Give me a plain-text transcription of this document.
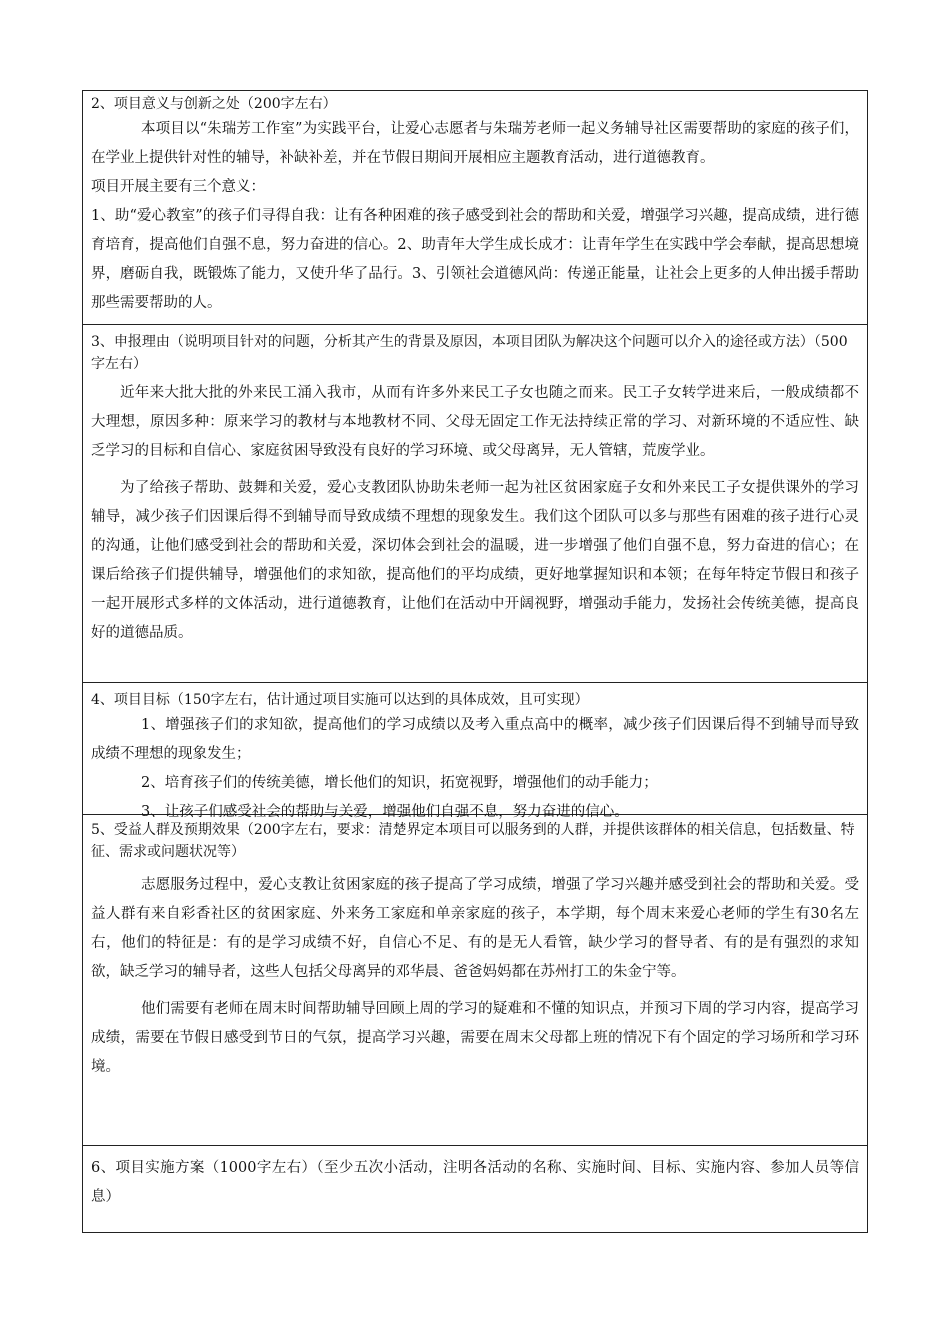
2、项目意义与创新之处（200字左右）

本项目以“朱瑞芳工作室”为实践平台，让爱心志愿者与朱瑞芳老师一起义务辅导社区需要帮助的家庭的孩子们，在学业上提供针对性的辅导，补缺补差，并在节假日期间开展相应主题教育活动，进行道德教育。

项目开展主要有三个意义：

1、助“爱心教室”的孩子们寻得自我：让有各种困难的孩子感受到社会的帮助和关爱，增强学习兴趣，提高成绩，进行德育培育，提高他们自强不息，努力奋进的信心。2、助青年大学生成长成才：让青年学生在实践中学会奉献，提高思想境界，磨砺自我，既锻炼了能力，又使升华了品行。3、引领社会道德风尚：传递正能量，让社会上更多的人伸出援手帮助那些需要帮助的人。

3、申报理由（说明项目针对的问题，分析其产生的背景及原因，本项目团队为解决这个问题可以介入的途径或方法）（500字左右）

近年来大批大批的外来民工涌入我市，从而有许多外来民工子女也随之而来。民工子女转学进来后，一般成绩都不大理想，原因多种：原来学习的教材与本地教材不同、父母无固定工作无法持续正常的学习、对新环境的不适应性、缺乏学习的目标和自信心、家庭贫困导致没有良好的学习环境、或父母离异，无人管辖，荒废学业。

为了给孩子帮助、鼓舞和关爱，爱心支教团队协助朱老师一起为社区贫困家庭子女和外来民工子女提供课外的学习辅导，减少孩子们因课后得不到辅导而导致成绩不理想的现象发生。我们这个团队可以多与那些有困难的孩子进行心灵的沟通，让他们感受到社会的帮助和关爱，深切体会到社会的温暖，进一步增强了他们自强不息，努力奋进的信心；在课后给孩子们提供辅导，增强他们的求知欲，提高他们的平均成绩，更好地掌握知识和本领；在每年特定节假日和孩子一起开展形式多样的文体活动，进行道德教育，让他们在活动中开阔视野，增强动手能力，发扬社会传统美德，提高良好的道德品质。

4、项目目标（150字左右，估计通过项目实施可以达到的具体成效，且可实现）

1、增强孩子们的求知欲，提高他们的学习成绩以及考入重点高中的概率，减少孩子们因课后得不到辅导而导致成绩不理想的现象发生；

2、培育孩子们的传统美德，增长他们的知识，拓宽视野，增强他们的动手能力；

3、让孩子们感受社会的帮助与关爱，增强他们自强不息，努力奋进的信心。

5、受益人群及预期效果（200字左右，要求：清楚界定本项目可以服务到的人群，并提供该群体的相关信息，包括数量、特征、需求或问题状况等）

志愿服务过程中，爱心支教让贫困家庭的孩子提高了学习成绩，增强了学习兴趣并感受到社会的帮助和关爱。受益人群有来自彩香社区的贫困家庭、外来务工家庭和单亲家庭的孩子，本学期，每个周末来爱心老师的学生有30名左右，他们的特征是：有的是学习成绩不好，自信心不足、有的是无人看管，缺少学习的督导者、有的是有强烈的求知欲，缺乏学习的辅导者，这些人包括父母离异的邓华晨、爸爸妈妈都在苏州打工的朱金宁等。

他们需要有老师在周末时间帮助辅导回顾上周的学习的疑难和不懂的知识点，并预习下周的学习内容，提高学习成绩，需要在节假日感受到节日的气氛，提高学习兴趣，需要在周末父母都上班的情况下有个固定的学习场所和学习环境。

6、项目实施方案（1000字左右）（至少五次小活动，注明各活动的名称、实施时间、目标、实施内容、参加人员等信息）
